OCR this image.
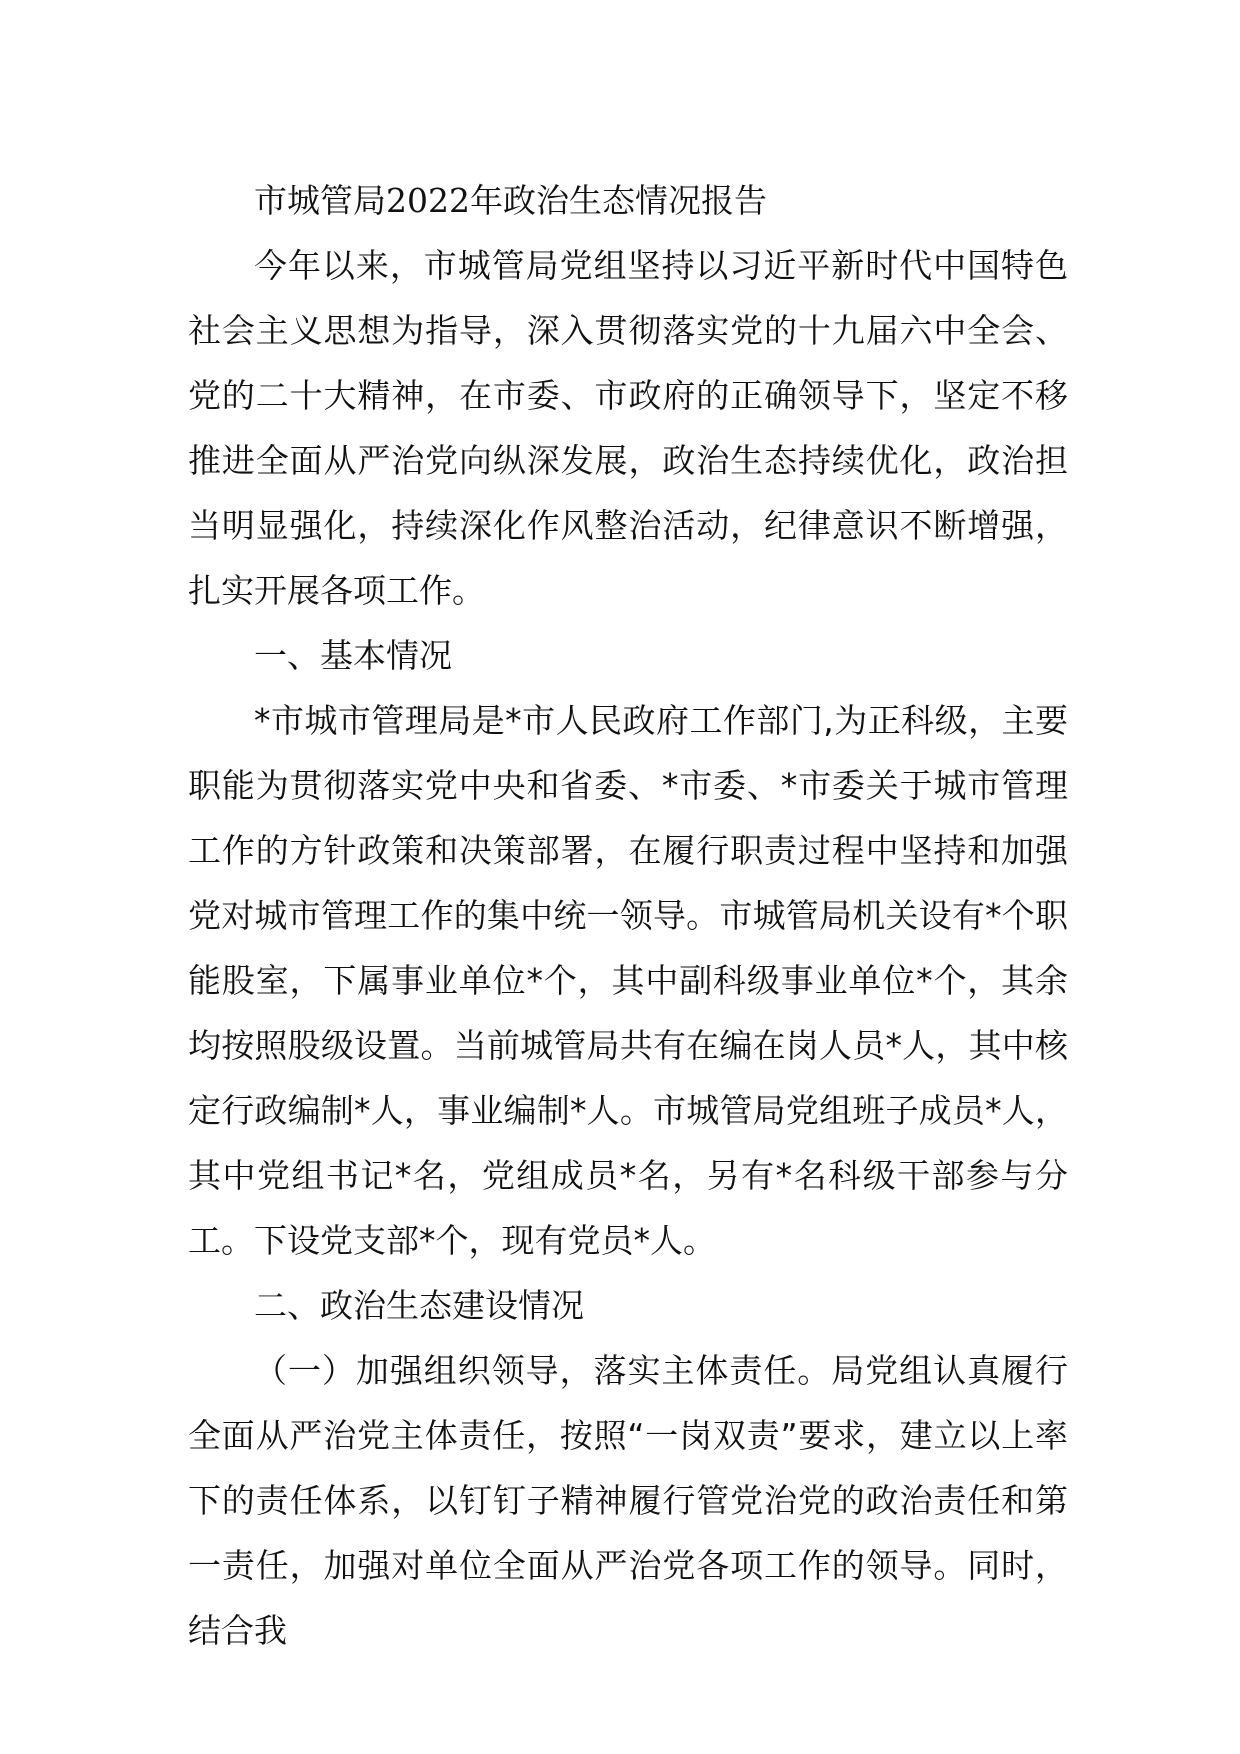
市城管局2022年政治生态情况报告

今年以来，市城管局党组坚持以习近平新时代中国特色社会主义思想为指导，深入贯彻落实党的十九届六中全会、党的二十大精神，在市委、市政府的正确领导下，坚定不移推进全面从严治党向纵深发展，政治生态持续优化，政治担当明显强化，持续深化作风整治活动，纪律意识不断增强，扎实开展各项工作。

一、基本情况

*市城市管理局是*市人民政府工作部门,为正科级，主要职能为贯彻落实党中央和省委、*市委、*市委关于城市管理工作的方针政策和决策部署，在履行职责过程中坚持和加强党对城市管理工作的集中统一领导。市城管局机关设有*个职能股室，下属事业单位*个，其中副科级事业单位*个，其余均按照股级设置。当前城管局共有在编在岗人员*人，其中核定行政编制*人，事业编制*人。市城管局党组班子成员*人，其中党组书记*名，党组成员*名，另有*名科级干部参与分工。下设党支部*个，现有党员*人。

二、政治生态建设情况

（一）加强组织领导，落实主体责任。局党组认真履行全面从严治党主体责任，按照“一岗双责”要求，建立以上率下的责任体系，以钉钉子精神履行管党治党的政治责任和第一责任，加强对单位全面从严治党各项工作的领导。同时，结合我
